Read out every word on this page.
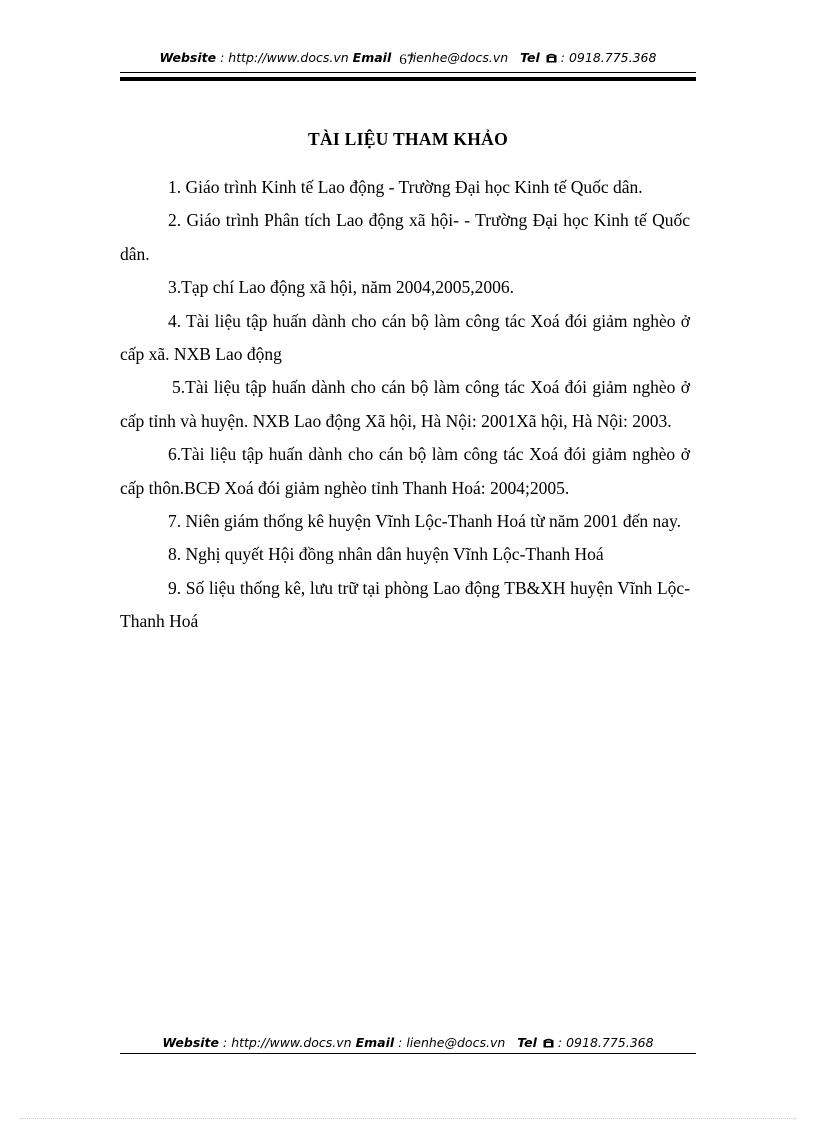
Website : http://www.docs.vn Email 67 lienhe@docs.vn Tel  : 0918.775.368
TÀI LIỆU THAM KHẢO

1. Giáo trình Kinh tế Lao động - Trường Đại học Kinh tế Quốc dân.

2. Giáo trình Phân tích Lao động xã hội- - Trường Đại học Kinh tế Quốc dân.

3.Tạp chí Lao động xã hội, năm 2004,2005,2006.

4. Tài liệu tập huấn dành cho cán bộ làm công tác Xoá đói giảm nghèo ở cấp xã. NXB Lao động

5.Tài liệu tập huấn dành cho cán bộ làm công tác Xoá đói giảm nghèo ở cấp tỉnh và huyện. NXB Lao động Xã hội, Hà Nội: 2001Xã hội, Hà Nội: 2003.

6.Tài liệu tập huấn dành cho cán bộ làm công tác Xoá đói giảm nghèo ở cấp thôn.BCĐ Xoá đói giảm nghèo tỉnh Thanh Hoá: 2004;2005.

7. Niên giám thống kê huyện Vĩnh Lộc-Thanh Hoá từ năm 2001 đến nay.

8. Nghị quyết Hội đồng nhân dân huyện Vĩnh Lộc-Thanh Hoá

9. Số liệu thống kê, lưu trữ tại phòng Lao động TB&XH huyện Vĩnh Lộc-Thanh Hoá

Website : http://www.docs.vn Email : lienhe@docs.vn Tel  : 0918.775.368
